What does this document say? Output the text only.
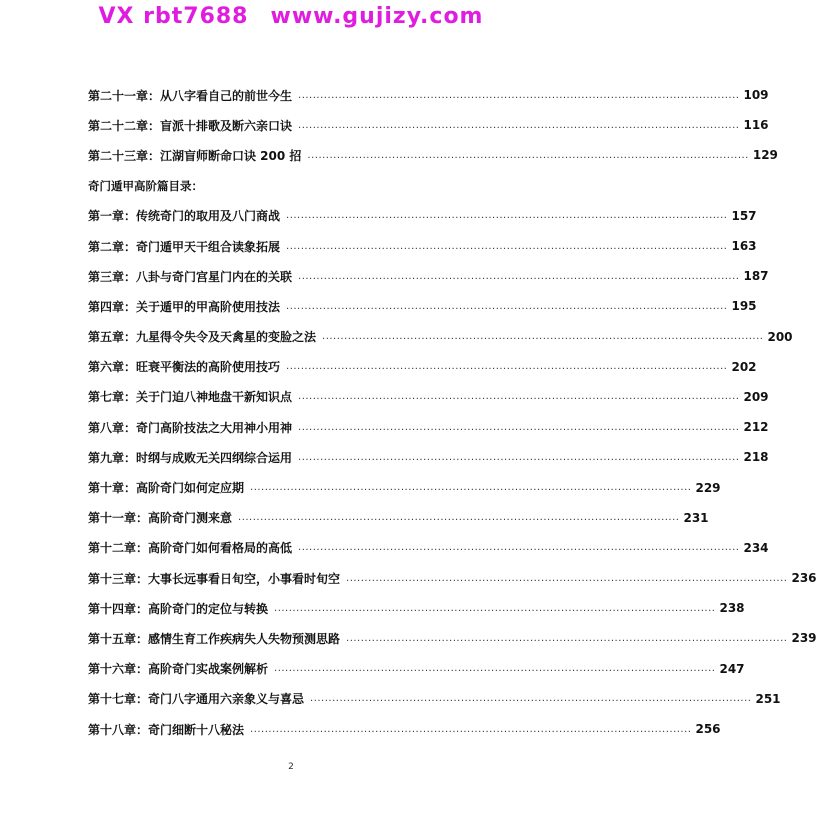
VX rbt7688 www.gujizy.com
第二十一章：从八字看自己的前世今生 ........................................................................................................................ 109
第二十二章：盲派十排歌及断六亲口诀 ........................................................................................................................ 116
第二十三章：江湖盲师断命口诀 200 招 ........................................................................................................................ 129
奇门遁甲高阶篇目录：
第一章：传统奇门的取用及八门商战 ........................................................................................................................ 157
第二章：奇门遁甲天干组合读象拓展 ........................................................................................................................ 163
第三章：八卦与奇门宫星门内在的关联 ........................................................................................................................ 187
第四章：关于遁甲的甲高阶使用技法 ........................................................................................................................ 195
第五章：九星得令失令及天禽星的变脸之法 ........................................................................................................................ 200
第六章：旺衰平衡法的高阶使用技巧 ........................................................................................................................ 202
第七章：关于门迫八神地盘干新知识点 ........................................................................................................................ 209
第八章：奇门高阶技法之大用神小用神 ........................................................................................................................ 212
第九章：时纲与成败无关四纲综合运用 ........................................................................................................................ 218
第十章：高阶奇门如何定应期 ........................................................................................................................ 229
第十一章：高阶奇门测来意 ........................................................................................................................ 231
第十二章：高阶奇门如何看格局的高低 ........................................................................................................................ 234
第十三章：大事长远事看日旬空，小事看时旬空 ........................................................................................................................ 236
第十四章：高阶奇门的定位与转换 ........................................................................................................................ 238
第十五章：感情生育工作疾病失人失物预测思路 ........................................................................................................................ 239
第十六章：高阶奇门实战案例解析 ........................................................................................................................ 247
第十七章：奇门八字通用六亲象义与喜忌 ........................................................................................................................ 251
第十八章：奇门细断十八秘法 ........................................................................................................................ 256
2
